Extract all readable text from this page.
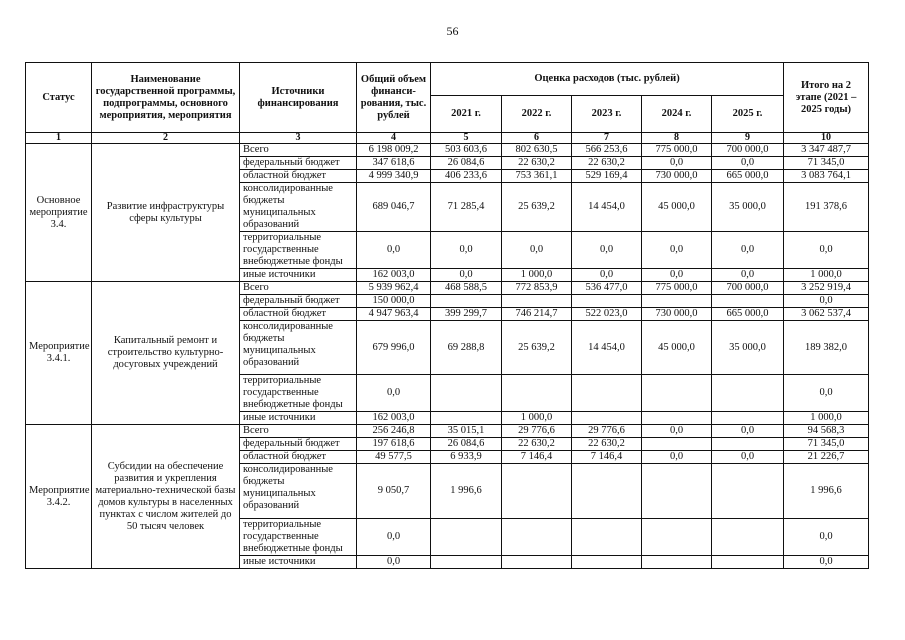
56
Статус	Наименование государственной программы, подпрограммы, основного мероприятия, мероприятия	Источники финансирования	Общий объем финанси-рования, тыс. рублей	Оценка расходов (тыс. рублей)					Итого на 2 этапе (2021 – 2025 годы)
				2021 г.	2022 г.	2023 г.	2024 г.	2025 г.	
1	2	3	4	5	6	7	8	9	10
Основное мероприятие 3.4.	Развитие инфраструктуры сферы культуры	Всего	6 198 009,2	503 603,6	802 630,5	566 253,6	775 000,0	700 000,0	3 347 487,7
		федеральный бюджет	347 618,6	26 084,6	22 630,2	22 630,2	0,0	0,0	71 345,0
		областной бюджет	4 999 340,9	406 233,6	753 361,1	529 169,4	730 000,0	665 000,0	3 083 764,1
		консолидированные бюджеты муниципальных образований	689 046,7	71 285,4	25 639,2	14 454,0	45 000,0	35 000,0	191 378,6
		территориальные государственные внебюджетные фонды	0,0	0,0	0,0	0,0	0,0	0,0	0,0
		иные источники	162 003,0	0,0	1 000,0	0,0	0,0	0,0	1 000,0
Мероприятие 3.4.1.	Капитальный ремонт и строительство культурно-досуговых учреждений	Всего	5 939 962,4	468 588,5	772 853,9	536 477,0	775 000,0	700 000,0	3 252 919,4
		федеральный бюджет	150 000,0						0,0
		областной бюджет	4 947 963,4	399 299,7	746 214,7	522 023,0	730 000,0	665 000,0	3 062 537,4
		консолидированные бюджеты муниципальных образований	679 996,0	69 288,8	25 639,2	14 454,0	45 000,0	35 000,0	189 382,0
		территориальные государственные внебюджетные фонды	0,0						0,0
		иные источники	162 003,0		1 000,0				1 000,0
Мероприятие 3.4.2.	Субсидии на обеспечение развития и укрепления материально-технической базы домов культуры в населенных пунктах с числом жителей до 50 тысяч человек	Всего	256 246,8	35 015,1	29 776,6	29 776,6	0,0	0,0	94 568,3
		федеральный бюджет	197 618,6	26 084,6	22 630,2	22 630,2			71 345,0
		областной бюджет	49 577,5	6 933,9	7 146,4	7 146,4	0,0	0,0	21 226,7
		консолидированные бюджеты муниципальных образований	9 050,7	1 996,6					1 996,6
		территориальные государственные внебюджетные фонды	0,0						0,0
		иные источники	0,0						0,0
